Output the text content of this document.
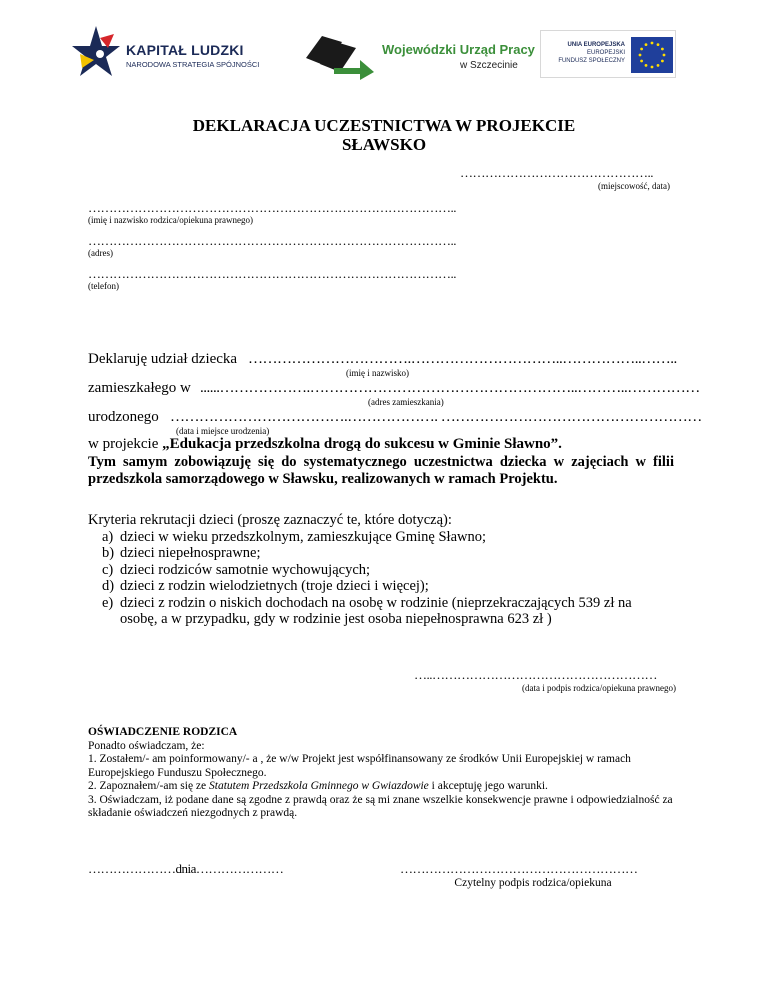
KAPITAŁ LUDZKI
NARODOWA STRATEGIA SPÓJNOŚCI
Wojewódzki Urząd Pracy
w Szczecinie
UNIA EUROPEJSKA
EUROPEJSKI
FUNDUSZ SPOŁECZNY
DEKLARACJA UCZESTNICTWA W PROJEKCIE
SŁAWSKO
………………………………………..
(miejscowość, data)
……………………………………………………………………………..
(imię i nazwisko rodzica/opiekuna prawnego)
……………………………………………………………………………..
(adres)
……………………………………………………………………………..
(telefon)
Deklaruję udział dziecka …………………………….…………………………..……………..……..
(imię i nazwisko)
zamieszkałego w ......……………….………………………………………………..………..……………
(adres zamieszkania)
urodzonego ……………………………….………………. ………………………………………………
(data i miejsce urodzenia)
w projekcie „Edukacja przedszkolna drogą do sukcesu w Gminie Sławno”.
Tym samym zobowiązuję się do systematycznego uczestnictwa dziecka w zajęciach w filii przedszkola samorządowego w Sławsku, realizowanych w ramach Projektu.
Kryteria rekrutacji dzieci (proszę zaznaczyć te, które dotyczą):
a) dzieci w wieku przedszkolnym, zamieszkujące Gminę Sławno;
b) dzieci niepełnosprawne;
c) dzieci rodziców samotnie wychowujących;
d) dzieci z rodzin wielodzietnych (troje dzieci i więcej);
e) dzieci z rodzin o niskich dochodach na osobę w rodzinie (nieprzekraczających 539 zł na osobę, a w przypadku, gdy w rodzinie jest osoba niepełnosprawna 623 zł )
…..………………………………………………
(data i podpis rodzica/opiekuna prawnego)
OŚWIADCZENIE RODZICA
Ponadto oświadczam, że:
1. Zostałem/- am poinformowany/- a , że w/w Projekt jest współfinansowany ze środków Unii Europejskiej w ramach Europejskiego Funduszu Społecznego.
2. Zapoznałem/-am się ze Statutem Przedszkola Gminnego w Gwiazdowie i akceptuję jego warunki.
3. Oświadczam, iż podane dane są zgodne z prawdą oraz że są mi znane wszelkie konsekwencje prawne i odpowiedzialność za składanie oświadczeń niezgodnych z prawdą.
…………………dnia…………………	…………………………………………………
Czytelny podpis rodzica/opiekuna
